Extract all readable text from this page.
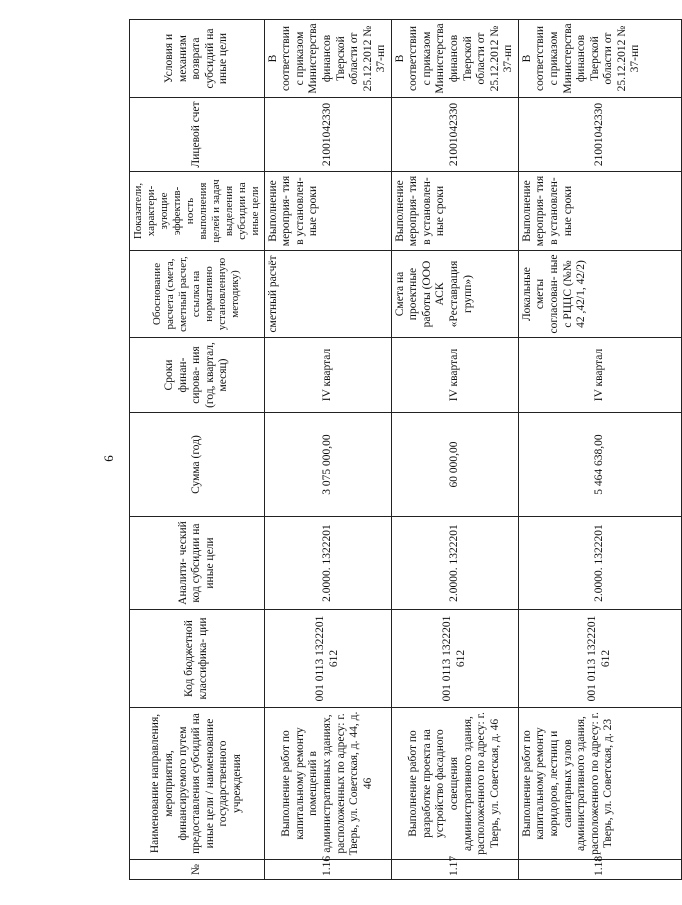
9
№	Наименование направления, мероприятия, финансируемого путем предоставления субсидий на иные цели / наименование государственного учреждения	Код бюджетной классифика- ции	Аналити- ческий код субсидии на иные цели	Сумма (год)	Сроки финан- сирова- ния (год, квартал, месяц)	Обоснование расчета (смета, сметный расчет, ссылка на нормативно установленную методику)	Показатели, характери- зующие эффектив- ность выполнения целей и задач выделения субсидии на иные цели	Лицевой счет	Условия и механизм возврата субсидий на иные цели
1.16	Выполнение работ по капитальному ремонту помещений в административных зданиях, расположенных по адресу: г. Тверь, ул. Советская, д. 44, д. 46	001 0113 1322201 612	2.0000. 1322201	3 075 000,00	IV квартал	сметный расчёт	Выполнение мероприя- тия в установлен- ные сроки	21001042330	В соответствии с приказом Министерства финансов Тверской области от 25.12.2012 № 37-нп
1.17	Выполнение работ по разработке проекта на устройство фасадного освещения административного здания, расположенного по адресу: г. Тверь, ул. Советская, д. 46	001 0113 1322201 612	2.0000. 1322201	60 000,00	IV квартал	Смета на проектные работы (ООО АСК «Реставрация групп»)	Выполнение мероприя- тия в установлен- ные сроки	21001042330	В соответствии с приказом Министерства финансов Тверской области от 25.12.2012 № 37-нп
1.18	Выполнение работ по капитальному ремонту коридоров, лестниц и санитарных узлов административного здания, расположенного по адресу: г. Тверь, ул. Советская, д. 23	001 0113 1322201 612	2.0000. 1322201	5 464 638,00	IV квартал	Локальные сметы согласован- ные с РЦЦС (№№ 42 ,42/1, 42/2)	Выполнение мероприя- тия в установлен- ные сроки	21001042330	В соответствии с приказом Министерства финансов Тверской области от 25.12.2012 № 37-нп
